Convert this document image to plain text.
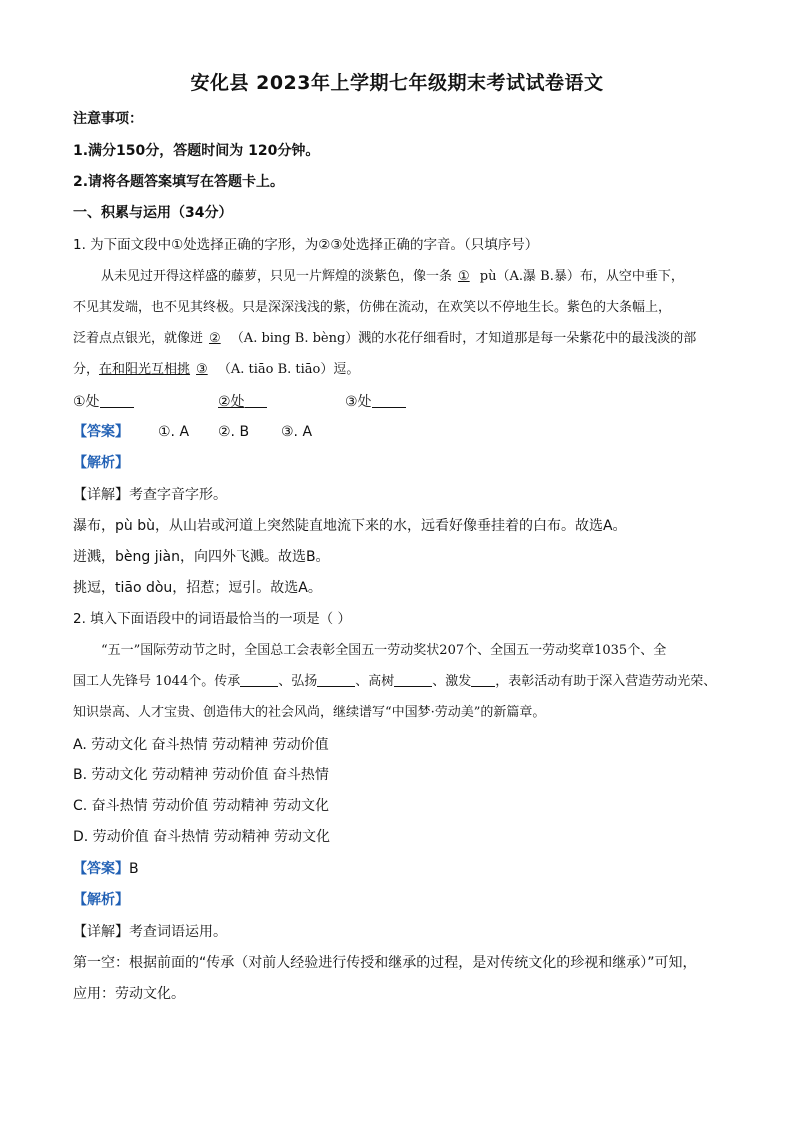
安化县 2023年上学期七年级期末考试试卷语文
注意事项：
1.满分150分，答题时间为 120分钟。
2.请将各题答案填写在答题卡上。
一、积累与运用（34分）
1. 为下面文段中①处选择正确的字形，为②③处选择正确的字音。（只填序号）
从未见过开得这样盛的藤萝，只见一片辉煌的淡紫色，像一条 ① pù（A.瀑 B.暴）布，从空中垂下，
不见其发端，也不见其终极。只是深深浅浅的紫，仿佛在流动，在欢笑以不停地生长。紫色的大条幅上，
泛着点点银光，就像迸 ② （A. bing B. bèng）溅的水花仔细看时，才知道那是每一朵紫花中的最浅淡的部
分，在和阳光互相挑 ③ （A. tiāo B. tiāo）逗。
①处	②处	③处
【答案】 ①. A ②. B ③. A
【解析】
【详解】考查字音字形。
瀑布，pù bù，从山岩或河道上突然陡直地流下来的水，远看好像垂挂着的白布。故选A。
迸溅，bèng jiàn，向四外飞溅。故选B。
挑逗，tiāo dòu，招惹；逗引。故选A。
2. 填入下面语段中的词语最恰当的一项是（ ）
“五一”国际劳动节之时，全国总工会表彰全国五一劳动奖状207个、全国五一劳动奖章1035个、全
国工人先锋号 1044个。传承	、弘扬	、高树	、激发 ，表彰活动有助于深入营造劳动光荣、
知识崇高、人才宝贵、创造伟大的社会风尚，继续谱写“中国梦·劳动美”的新篇章。
A. 劳动文化 奋斗热情 劳动精神 劳动价值
B. 劳动文化 劳动精神 劳动价值 奋斗热情
C. 奋斗热情 劳动价值 劳动精神 劳动文化
D. 劳动价值 奋斗热情 劳动精神 劳动文化
【答案】B
【解析】
【详解】考查词语运用。
第一空：根据前面的“传承（对前人经验进行传授和继承的过程，是对传统文化的珍视和继承）”可知，
应用：劳动文化。
